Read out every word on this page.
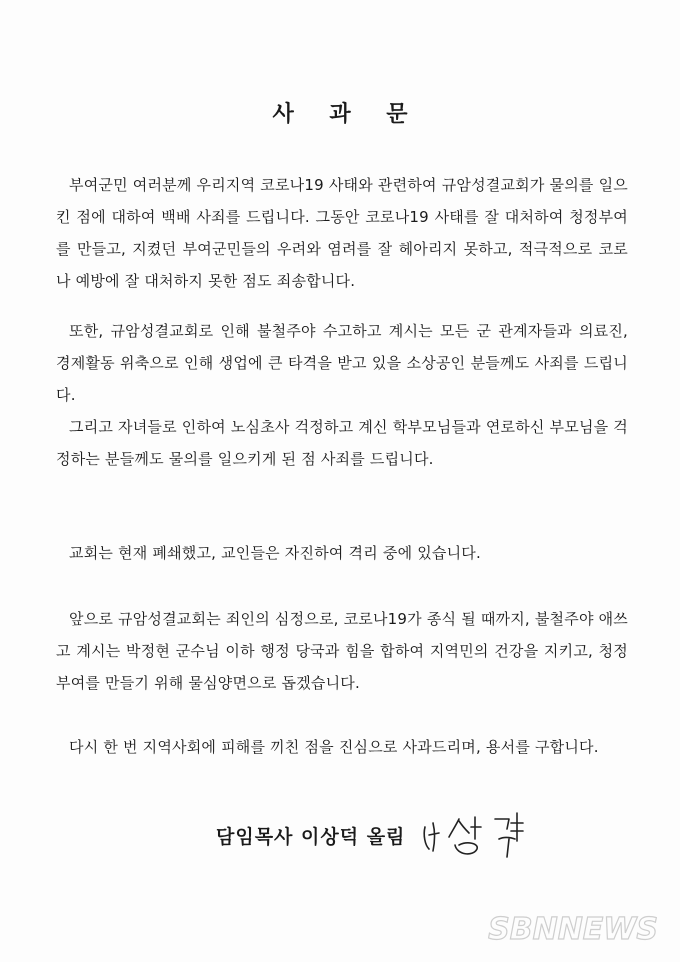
사 과 문

부여군민 여러분께 우리지역 코로나19 사태와 관련하여 규암성결교회가 물의를 일으킨 점에 대하여 백배 사죄를 드립니다. 그동안 코로나19 사태를 잘 대처하여 청정부여를 만들고, 지켰던 부여군민들의 우려와 염려를 잘 헤아리지 못하고, 적극적으로 코로나 예방에 잘 대처하지 못한 점도 죄송합니다.

또한, 규암성결교회로 인해 불철주야 수고하고 계시는 모든 군 관계자들과 의료진, 경제활동 위축으로 인해 생업에 큰 타격을 받고 있을 소상공인 분들께도 사죄를 드립니다.

그리고 자녀들로 인하여 노심초사 걱정하고 계신 학부모님들과 연로하신 부모님을 걱정하는 분들께도 물의를 일으키게 된 점 사죄를 드립니다.

교회는 현재 폐쇄했고, 교인들은 자진하여 격리 중에 있습니다.

앞으로 규암성결교회는 죄인의 심정으로, 코로나19가 종식 될 때까지, 불철주야 애쓰고 계시는 박정현 군수님 이하 행정 당국과 힘을 합하여 지역민의 건강을 지키고, 청정부여를 만들기 위해 물심양면으로 돕겠습니다.

다시 한 번 지역사회에 피해를 끼친 점을 진심으로 사과드리며, 용서를 구합니다.

담임목사 이상덕 올림
SBNNEWS
